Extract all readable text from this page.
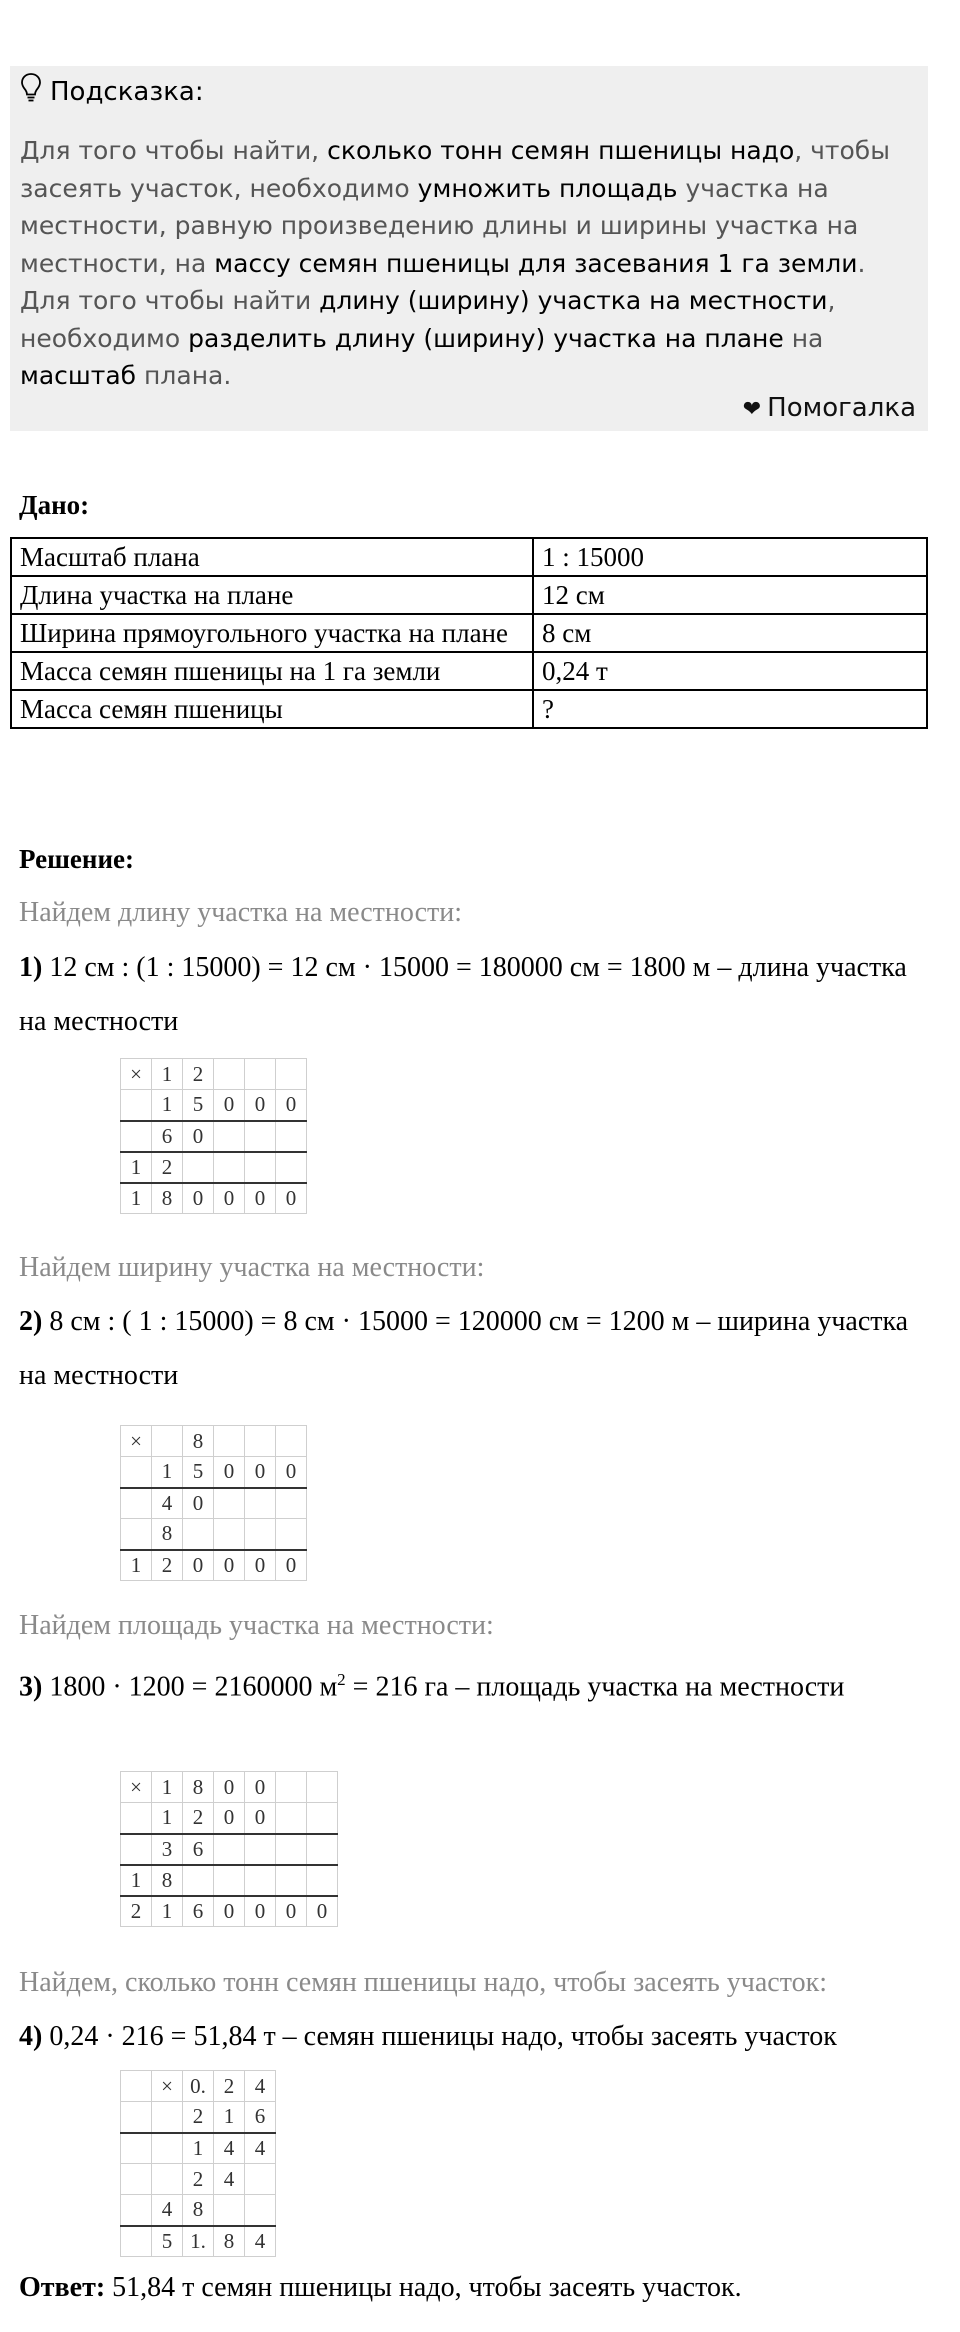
Подсказка:
Для того чтобы найти, сколько тонн семян пшеницы надо, чтобы засеять участок, необходимо умножить площадь участка на местности, равную произведению длины и ширины участка на местности, на массу семян пшеницы для засевания 1 га земли.
Для того чтобы найти длину (ширину) участка на местности, необходимо разделить длину (ширину) участка на плане на масштаб плана.
❤ Помогалка
Дано:
Масштаб плана	1 : 15000
Длина участка на плане	12 см
Ширина прямоугольного участка на плане	8 см
Масса семян пшеницы на 1 га земли	0,24 т
Масса семян пшеницы	?
Решение:
Найдем длину участка на местности:
1) 12 см : (1 : 15000) = 12 см · 15000 = 180000 см = 1800 м – длина участка на местности
×	1	2			
	1	5	0	0	0
	6	0			
1	2				
1	8	0	0	0	0
Найдем ширину участка на местности:
2) 8 см : ( 1 : 15000) = 8 см · 15000 = 120000 см = 1200 м – ширина участка на местности
×		8			
	1	5	0	0	0
	4	0			
	8				
1	2	0	0	0	0
Найдем площадь участка на местности:
3) 1800 · 1200 = 2160000 $м^2 = 216$ га – площадь участка на местности
×	1	8	0	0		
	1	2	0	0		
	3	6				
1	8					
2	1	6	0	0	0	0
Найдем, сколько тонн семян пшеницы надо, чтобы засеять участок:
4) 0,24 · 216 = 51,84 т – семян пшеницы надо, чтобы засеять участок
	×	0.	2	4
		2	1	6
		1	4	4
		2	4	
	4	8		
	5	1.	8	4
Ответ: 51,84 т семян пшеницы надо, чтобы засеять участок.
